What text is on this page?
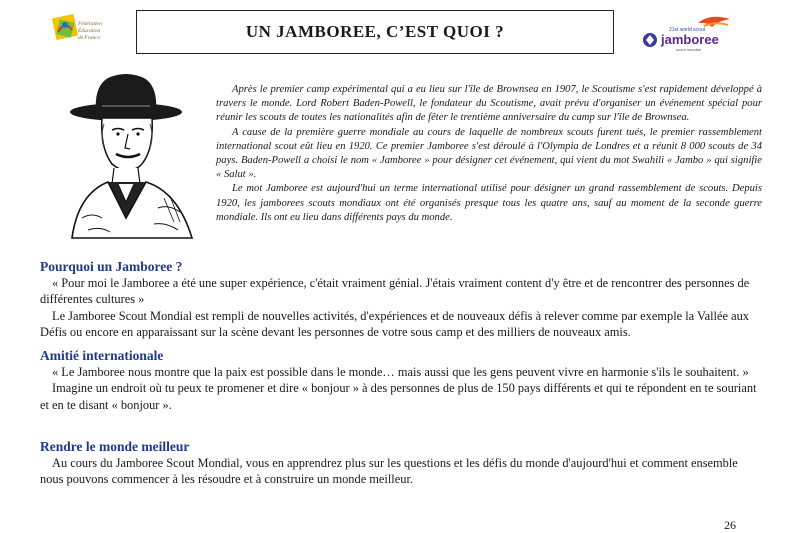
Fédération
Éducation
de France	UN JAMBOREE, C’EST QUOI ?	21st world scout
jamboree
scout mondial

Après le premier camp expérimental qui a eu lieu sur l'île de Brownsea en 1907, le Scoutisme s'est rapidement développé à travers le monde. Lord Robert Baden-Powell, le fondateur du Scoutisme, avait prévu d'organiser un événement spécial pour réunir les scouts de toutes les nationalités afin de fêter le trentième anniversaire du camp sur l'île de Brownsea.

A cause de la première guerre mondiale au cours de laquelle de nombreux scouts furent tués, le premier rassemblement international scout eût lieu en 1920. Ce premier Jamboree s'est déroulé à l'Olympia de Londres et a réunit 8 000 scouts de 34 pays. Baden-Powell a choisi le nom « Jamboree » pour désigner cet événement, qui vient du mot Swahili « Jambo » qui signifie « Salut ».

Le mot Jamboree est aujourd'hui un terme international utilisé pour désigner un grand rassemblement de scouts. Depuis 1920, les jamborees scouts mondiaux ont été organisés presque tous les quatre ans, sauf au moment de la seconde guerre mondiale. Ils ont eu lieu dans différents pays du monde.

Pourquoi un Jamboree ?

« Pour moi le Jamboree a été une super expérience, c'était vraiment génial. J'étais vraiment content d'y être et de rencontrer des personnes de différentes cultures »

Le Jamboree Scout Mondial est rempli de nouvelles activités, d'expériences et de nouveaux défis à relever comme par exemple la Vallée aux Défis ou encore en apparaissant sur la scène devant les personnes de votre sous camp et des milliers de nouveaux amis.

Amitié internationale

« Le Jamboree nous montre que la paix est possible dans le monde… mais aussi que les gens peuvent vivre en harmonie s'ils le souhaitent. »

Imagine un endroit où tu peux te promener et dire « bonjour » à des personnes de plus de 150 pays différents et qui te répondent en te souriant et en te disant « bonjour ».

Rendre le monde meilleur

Au cours du Jamboree Scout Mondial, vous en apprendrez plus sur les questions et les défis du monde d'aujourd'hui et comment ensemble nous pouvons commencer à les résoudre et à construire un monde meilleur.

26
